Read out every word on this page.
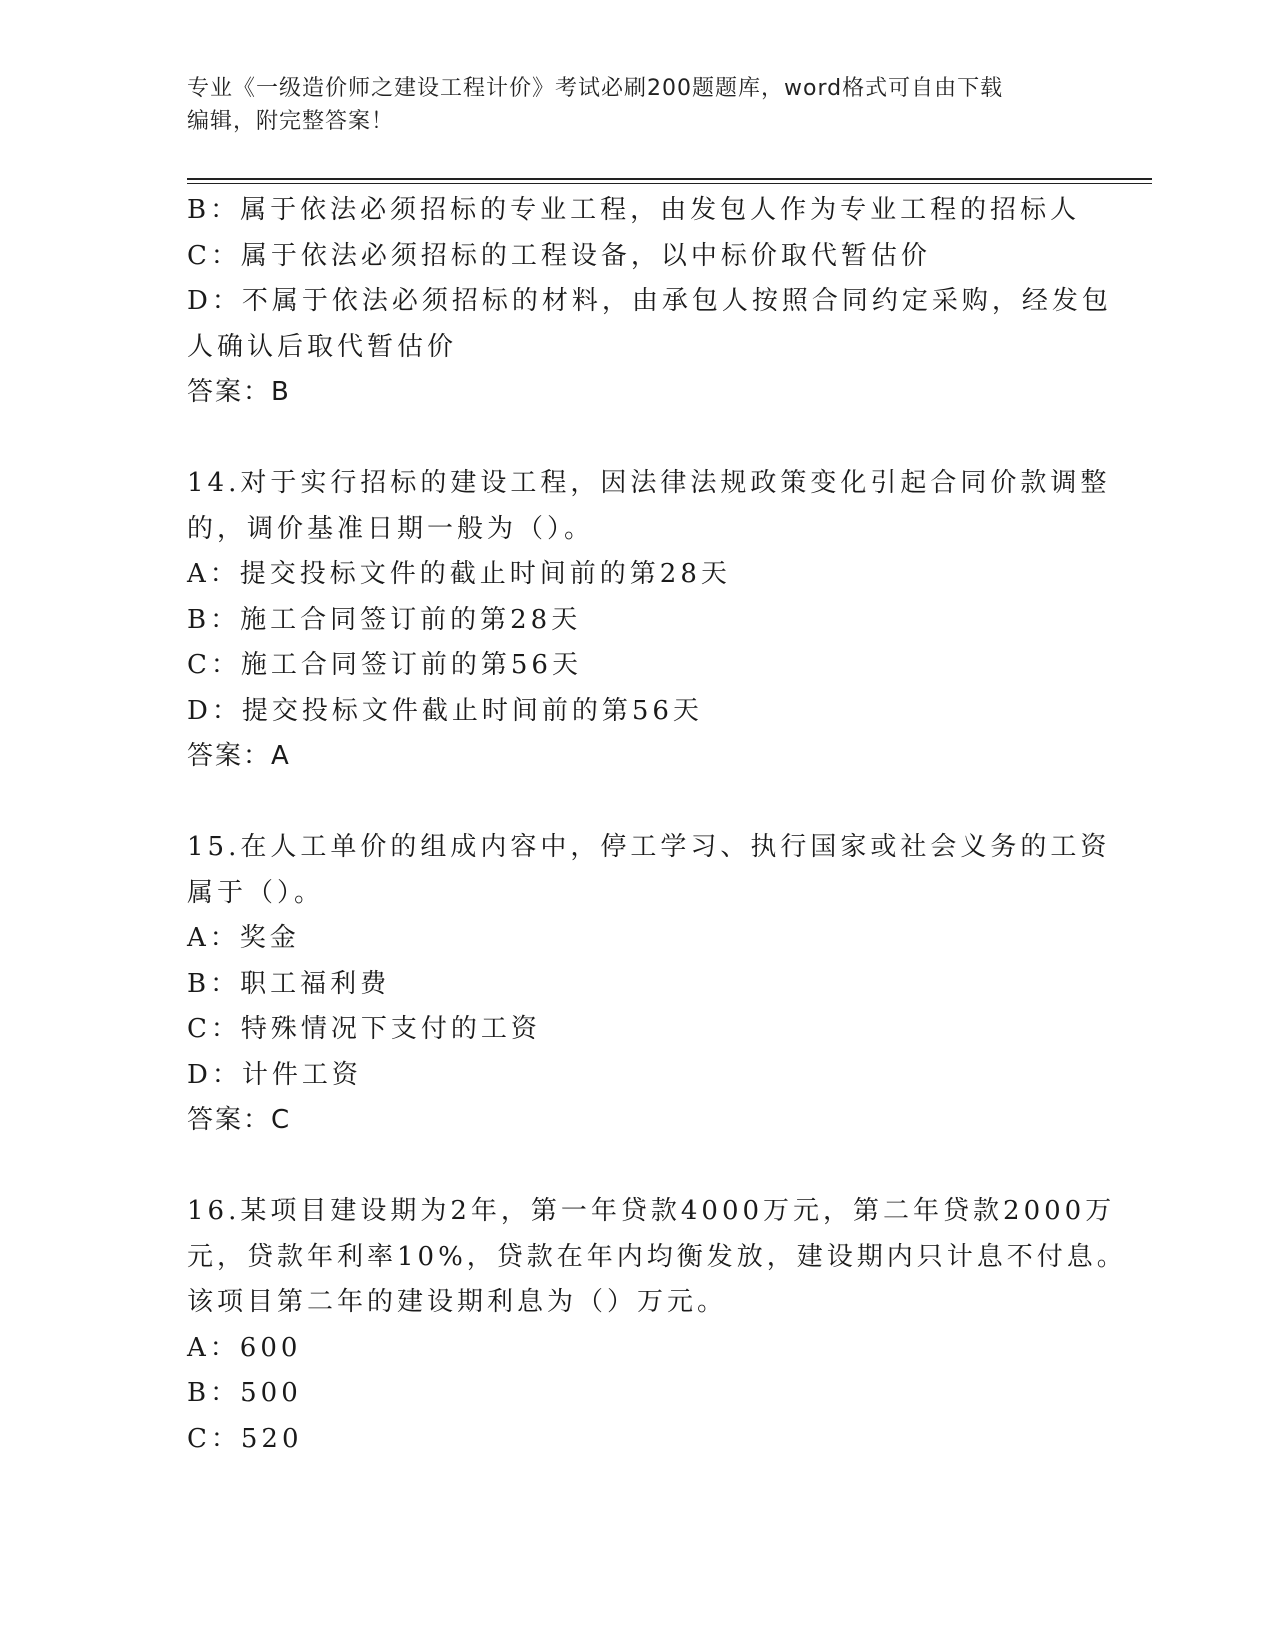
专业《一级造价师之建设工程计价》考试必刷200题题库，word格式可自由下载
编辑，附完整答案！
B：属于依法必须招标的专业工程，由发包人作为专业工程的招标人
C：属于依法必须招标的工程设备，以中标价取代暂估价
D：不属于依法必须招标的材料，由承包人按照合同约定采购，经发包
人确认后取代暂估价
答案：B
14.对于实行招标的建设工程，因法律法规政策变化引起合同价款调整
的，调价基准日期一般为（）。
A：提交投标文件的截止时间前的第28天
B：施工合同签订前的第28天
C：施工合同签订前的第56天
D：提交投标文件截止时间前的第56天
答案：A
15.在人工单价的组成内容中，停工学习、执行国家或社会义务的工资
属于（）。
A：奖金
B：职工福利费
C：特殊情况下支付的工资
D：计件工资
答案：C
16.某项目建设期为2年，第一年贷款4000万元，第二年贷款2000万
元，贷款年利率10%，贷款在年内均衡发放，建设期内只计息不付息。
该项目第二年的建设期利息为（）万元。
A：600
B：500
C：520
